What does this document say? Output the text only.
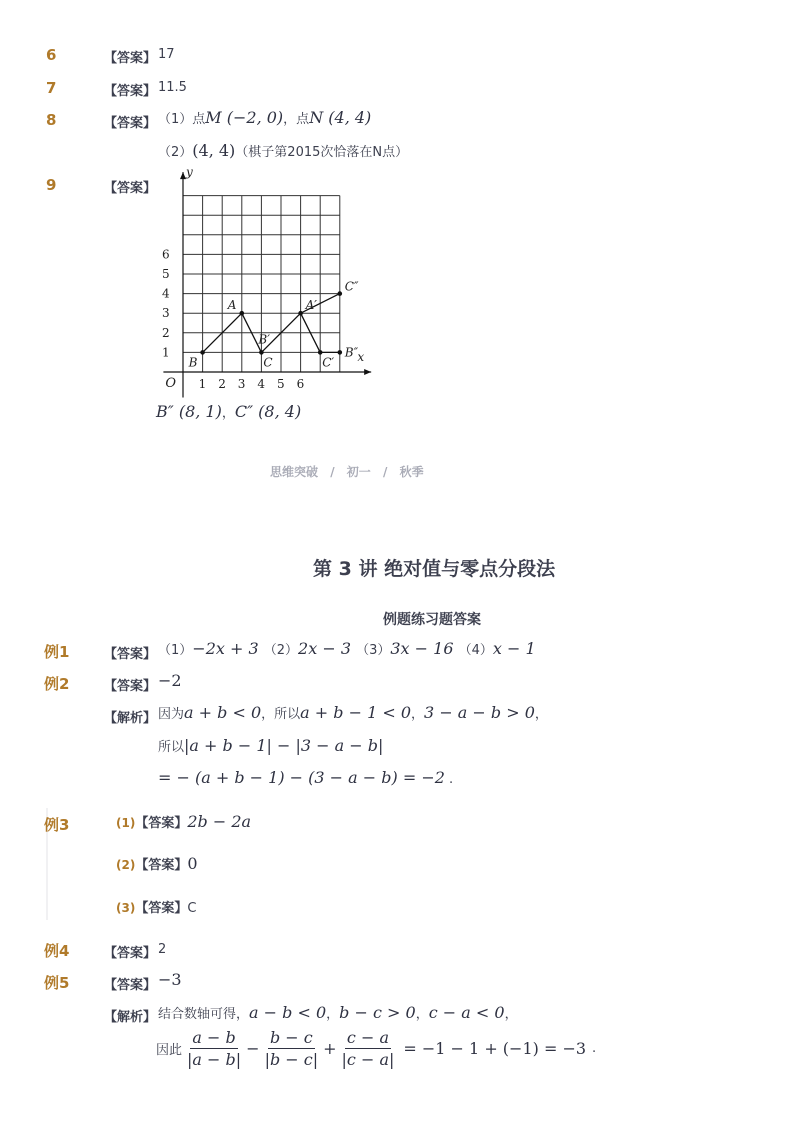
6	【答案】 17
7	【答案】 11.5
8	【答案】 （1）点M (−2, 0)，点N (4, 4)
（2）(4, 4)（棋子第2015次恰落在N点）
9	【答案】
x
y
O 1 2 3 4 5 6
1
2
3
4
5
6
B
A
C
B′
A′
C′
B″
C″
B″ (8, 1)，C″ (8, 4)
思维突破 / 初一 / 秋季
第 3 讲 绝对值与零点分段法
例题练习题答案
例1	【答案】 （1）−2x + 3 （2）2x − 3 （3）3x − 16 （4）x − 1
例2	【答案】 −2
【解析】 因为a + b < 0，所以a + b − 1 < 0，3 − a − b > 0，
所以|a + b − 1| − |3 − a − b|
= − (a + b − 1) − (3 − a − b) = −2 .
例3	(1)【答案】2b − 2a
(2)【答案】0
(3)【答案】C
例4	【答案】 2
例5	【答案】 −3
【解析】 结合数轴可得，a − b < 0，b − c > 0，c − a < 0，
因此 $\frac{a - b}{|a - b|} - \frac{b - c}{|b - c|} + \frac{c - a}{|c - a|} = -1 - 1 + (-1) = -3$ .
